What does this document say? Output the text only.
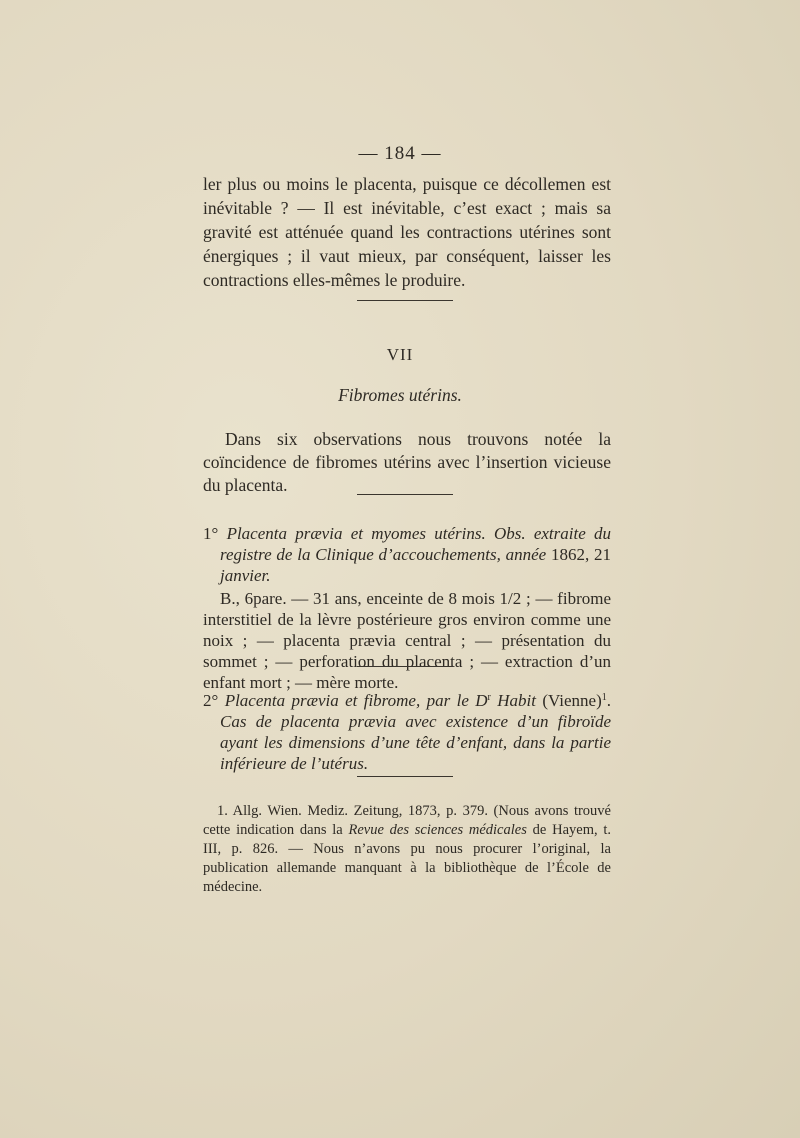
— 184 —
ler plus ou moins le placenta, puisque ce décollemen est inévitable ? — Il est inévitable, c’est exact ; mais sa gravité est atténuée quand les contractions utérines sont énergiques ; il vaut mieux, par conséquent, laisser les contractions elles-mêmes le produire.
VII
Fibromes utérins.
Dans six observations nous trouvons notée la coïncidence de fibromes utérins avec l’insertion vicieuse du placenta.
1° Placenta prævia et myomes utérins. Obs. extraite du registre de la Clinique d’accouchements, année 1862, 21 janvier.
B., 6pare. — 31 ans, enceinte de 8 mois 1/2 ; — fibrome interstitiel de la lèvre postérieure gros environ comme une noix ; — placenta prævia central ; — présentation du sommet ; — perforation du placenta ; — extraction d’un enfant mort ; — mère morte.
2° Placenta prævia et fibrome, par le $D^r$ Habit (Vienne)$^1$. Cas de placenta prævia avec existence d’un fibroïde ayant les dimensions d’une tête d’enfant, dans la partie inférieure de l’utérus.
1. Allg. Wien. Mediz. Zeitung, 1873, p. 379. (Nous avons trouvé cette indication dans la Revue des sciences médicales de Hayem, t. III, p. 826. — Nous n’avons pu nous procurer l’original, la publication allemande manquant à la bibliothèque de l’École de médecine.
